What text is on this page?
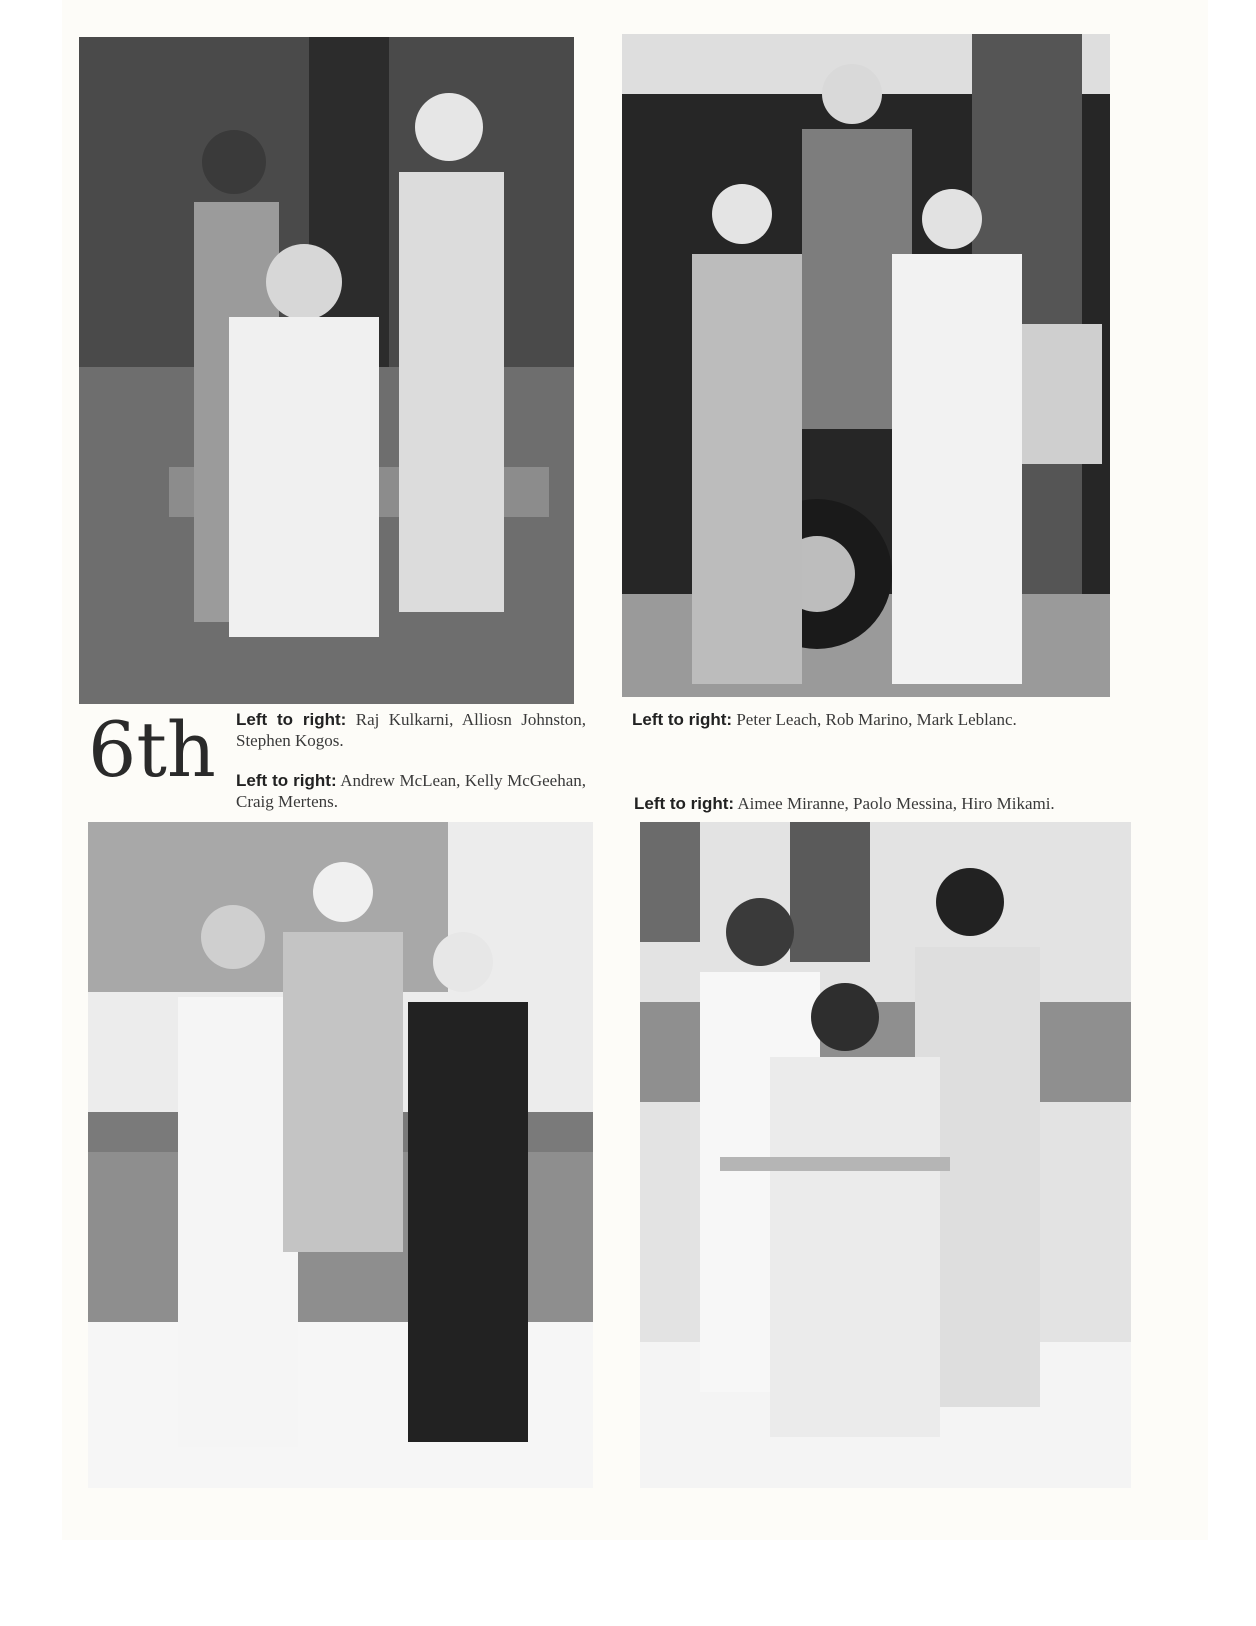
6th Left to right: Raj Kulkarni, Alliosn Johnston, Stephen Kogos.
Left to right: Andrew McLean, Kelly McGeehan, Craig Mertens.
Left to right: Peter Leach, Rob Marino, Mark Leblanc.
Left to right: Aimee Miranne, Paolo Messina, Hiro Mikami.
